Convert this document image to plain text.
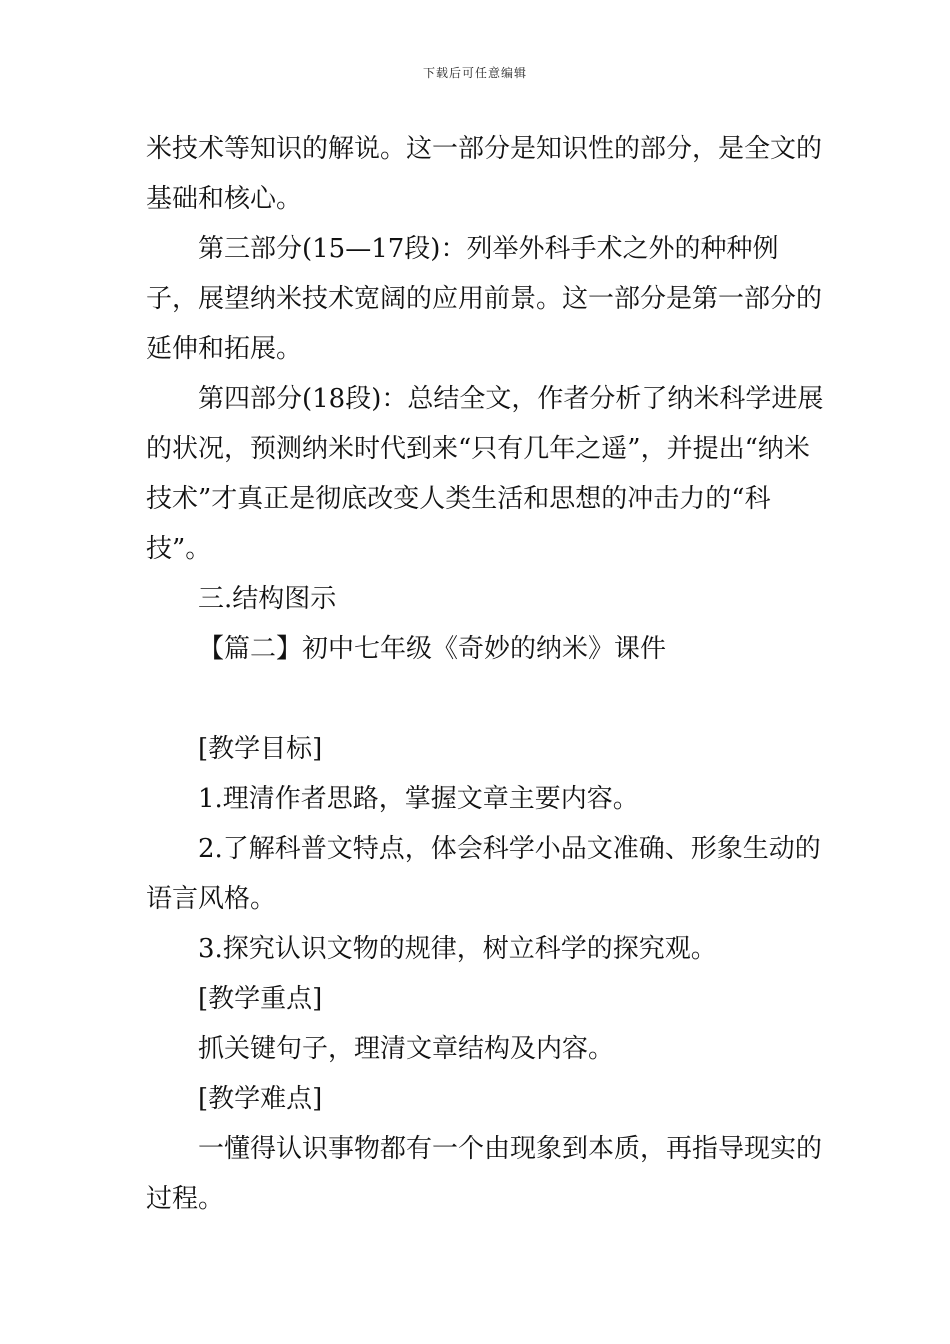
下载后可任意编辑

米技术等知识的解说。这一部分是知识性的部分，是全文的基础和核心。

第三部分(15—17段)：列举外科手术之外的种种例子，展望纳米技术宽阔的应用前景。这一部分是第一部分的延伸和拓展。

第四部分(18段)：总结全文，作者分析了纳米科学进展的状况，预测纳米时代到来“只有几年之遥”，并提出“纳米技术”才真正是彻底改变人类生活和思想的冲击力的“科技”。

三.结构图示

【篇二】初中七年级《奇妙的纳米》课件

[教学目标]

1.理清作者思路，掌握文章主要内容。

2.了解科普文特点，体会科学小品文准确、形象生动的语言风格。

3.探究认识文物的规律，树立科学的探究观。

[教学重点]

抓关键句子，理清文章结构及内容。

[教学难点]

一懂得认识事物都有一个由现象到本质，再指导现实的过程。
